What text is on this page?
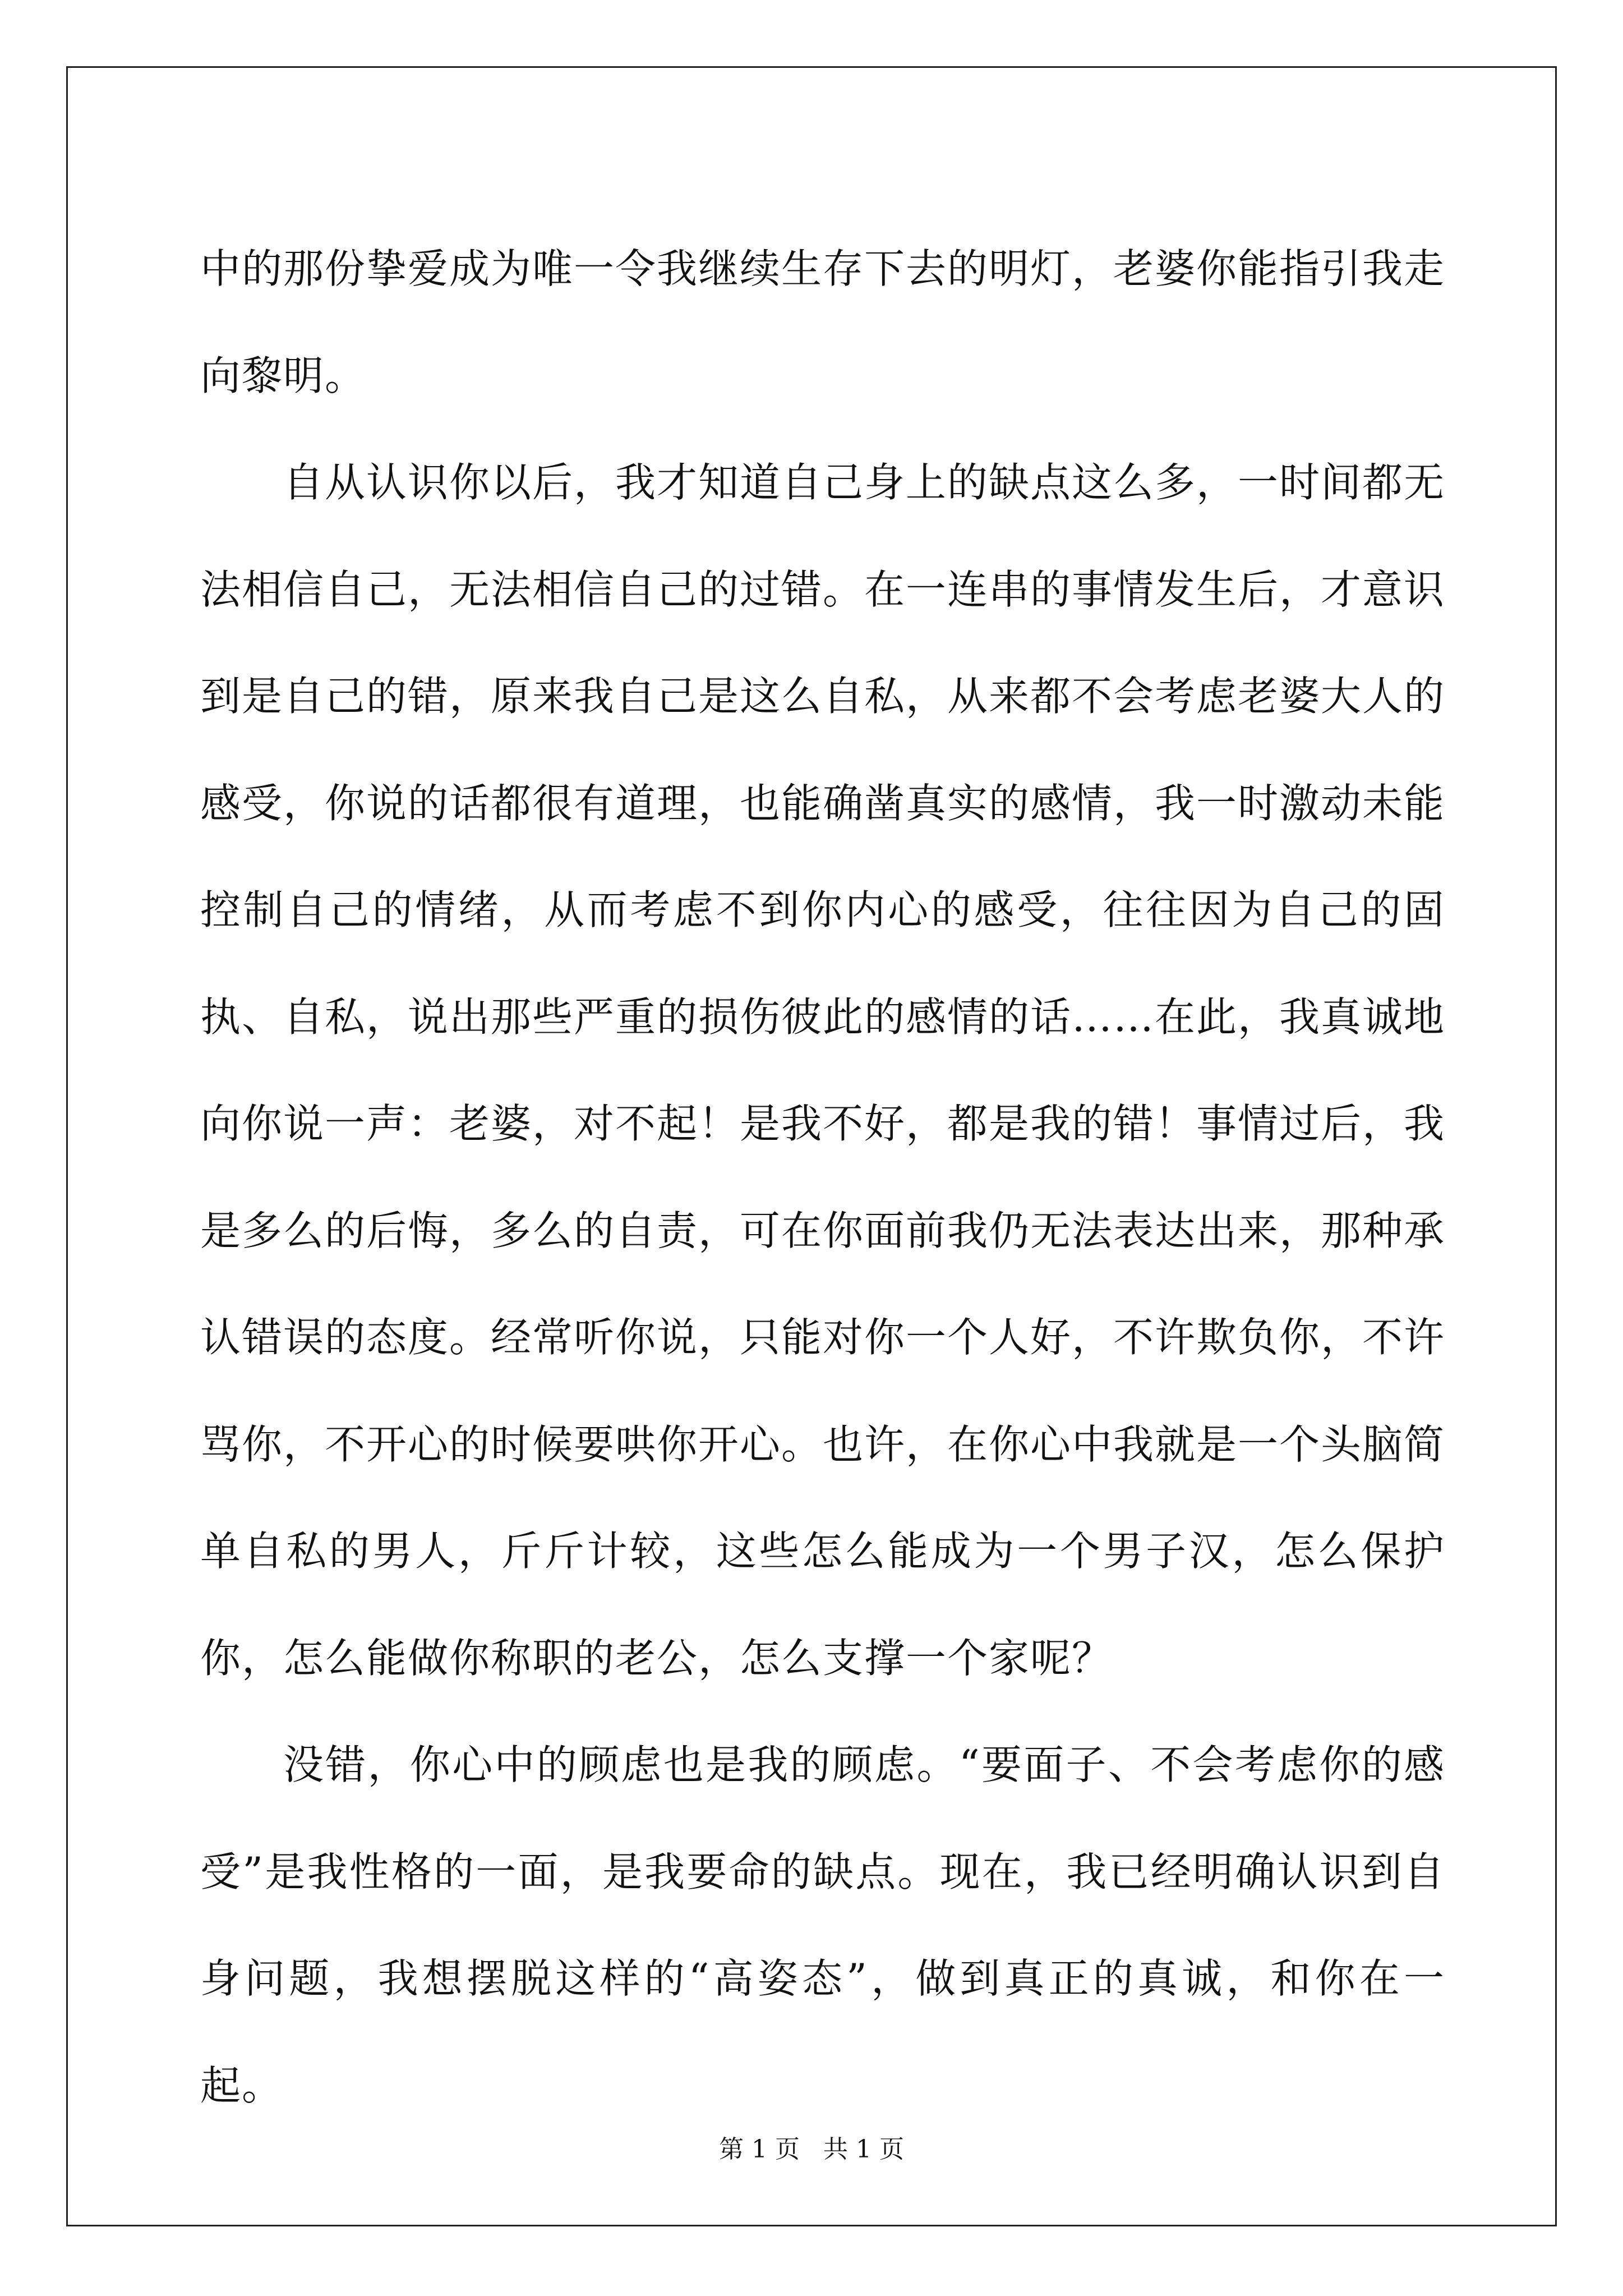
中的那份挚爱成为唯一令我继续生存下去的明灯，老婆你能指引我走向黎明。

自从认识你以后，我才知道自己身上的缺点这么多，一时间都无法相信自己，无法相信自己的过错。在一连串的事情发生后，才意识到是自己的错，原来我自己是这么自私，从来都不会考虑老婆大人的感受，你说的话都很有道理，也能确凿真实的感情，我一时激动未能控制自己的情绪，从而考虑不到你内心的感受，往往因为自己的固执、自私，说出那些严重的损伤彼此的感情的话……在此，我真诚地向你说一声：老婆，对不起！是我不好，都是我的错！事情过后，我是多么的后悔，多么的自责，可在你面前我仍无法表达出来，那种承认错误的态度。经常听你说，只能对你一个人好，不许欺负你，不许骂你，不开心的时候要哄你开心。也许，在你心中我就是一个头脑简单自私的男人，斤斤计较，这些怎么能成为一个男子汉，怎么保护你，怎么能做你称职的老公，怎么支撑一个家呢？

没错，你心中的顾虑也是我的顾虑。“要面子、不会考虑你的感受”是我性格的一面，是我要命的缺点。现在，我已经明确认识到自身问题，我想摆脱这样的“高姿态”，做到真正的真诚，和你在一起。

第 1 页   共 1 页
